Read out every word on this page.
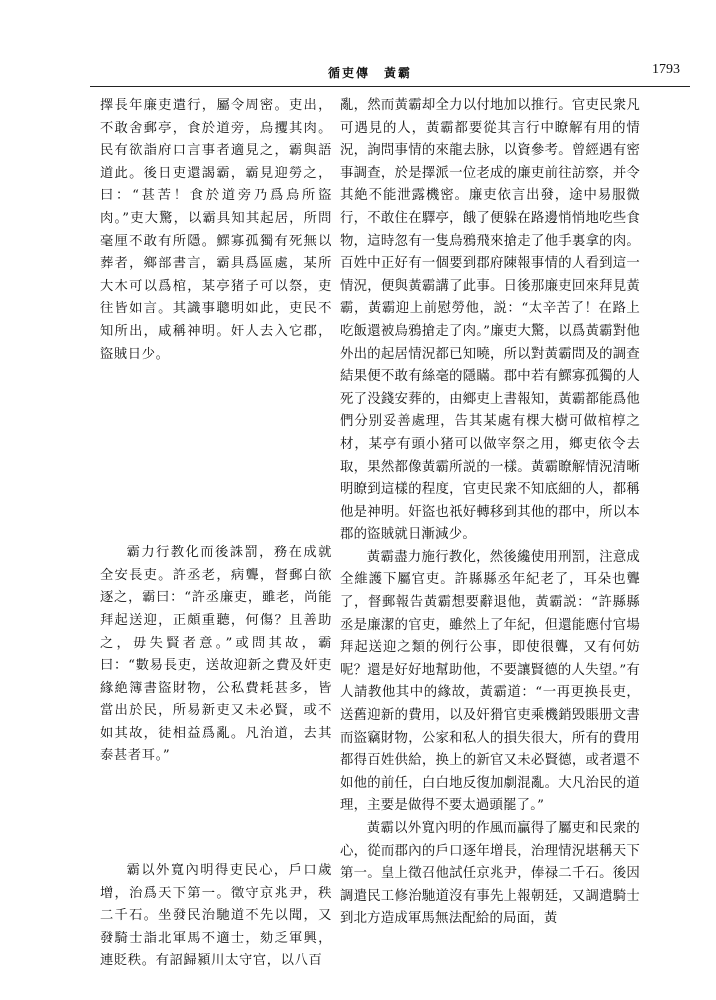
循吏傳　黃霸	1793

擇長年廉吏遣行，屬令周密。吏出，不敢舍郵亭，食於道旁，烏攫其肉。民有欲詣府口言事者適見之，霸與語道此。後日吏還謁霸，霸見迎勞之，曰：“甚苦！食於道旁乃爲烏所盜肉。”吏大驚，以霸具知其起居，所問毫厘不敢有所隱。鰥寡孤獨有死無以葬者，鄉部書言，霸具爲區處，某所大木可以爲棺，某亭猪子可以祭，吏往皆如言。其識事聰明如此，吏民不知所出，咸稱神明。奸人去入它郡，盜賊日少。

霸力行教化而後誅罰，務在成就全安長吏。許丞老，病聾，督郵白欲逐之，霸曰：“許丞廉吏，雖老，尚能拜起送迎，正頗重聽，何傷？且善助之，毋失賢者意。”或問其故，霸曰：“數易長吏，送故迎新之費及奸吏緣絶簿書盜財物，公私費耗甚多，皆當出於民，所易新吏又未必賢，或不如其故，徒相益爲亂。凡治道，去其泰甚者耳。”

霸以外寬內明得吏民心，戶口歲增，治爲天下第一。徵守京兆尹，秩二千石。坐發民治馳道不先以聞，又發騎士詣北軍馬不適士，劾乏軍興，連貶秩。有詔歸潁川太守官，以八百

亂，然而黃霸却全力以付地加以推行。官吏民衆凡可遇見的人，黃霸都要從其言行中瞭解有用的情況，詢問事情的來龍去脉，以資參考。曾經遇有密事調查，於是擇派一位老成的廉吏前往訪察，并令其絶不能泄露機密。廉吏依言出發，途中易服微行，不敢住在驛亭，餓了便躲在路邊悄悄地吃些食物，這時忽有一隻烏鴉飛來搶走了他手裏拿的肉。百姓中正好有一個要到郡府陳報事情的人看到這一情況，便與黃霸講了此事。日後那廉吏回來拜見黃霸，黃霸迎上前慰勞他，説：“太辛苦了！在路上吃飯還被烏鴉搶走了肉。”廉吏大驚，以爲黃霸對他外出的起居情況都已知曉，所以對黃霸問及的調查結果便不敢有絲毫的隱瞞。郡中若有鰥寡孤獨的人死了没錢安葬的，由鄉吏上書報知，黃霸都能爲他們分别妥善處理，告其某處有棵大樹可做棺椁之材，某亭有頭小猪可以做宰祭之用，鄉吏依令去取，果然都像黃霸所説的一樣。黃霸瞭解情況清晰明瞭到這樣的程度，官吏民衆不知底細的人，都稱他是神明。奸盜也祇好轉移到其他的郡中，所以本郡的盜賊就日漸減少。

黃霸盡力施行教化，然後纔使用刑罰，注意成全維護下屬官吏。許縣縣丞年紀老了，耳朵也聾了，督郵報告黃霸想要辭退他，黃霸説：“許縣縣丞是廉潔的官吏，雖然上了年紀，但還能應付官場拜起送迎之類的例行公事，即使很聾，又有何妨呢？還是好好地幫助他，不要讓賢德的人失望。”有人請教他其中的緣故，黃霸道：“一再更换長吏，送舊迎新的費用，以及奸猾官吏乘機銷毁賬册文書而盜竊財物，公家和私人的損失很大，所有的費用都得百姓供給，换上的新官又未必賢德，或者還不如他的前任，白白地反復加劇混亂。大凡治民的道理，主要是做得不要太過頭罷了。”

黃霸以外寬內明的作風而贏得了屬吏和民衆的心，從而郡內的戶口逐年增長，治理情況堪稱天下第一。皇上徵召他試任京兆尹，俸禄二千石。後因調遣民工修治馳道沒有事先上報朝廷，又調遣騎士到北方造成軍馬無法配給的局面，黃
